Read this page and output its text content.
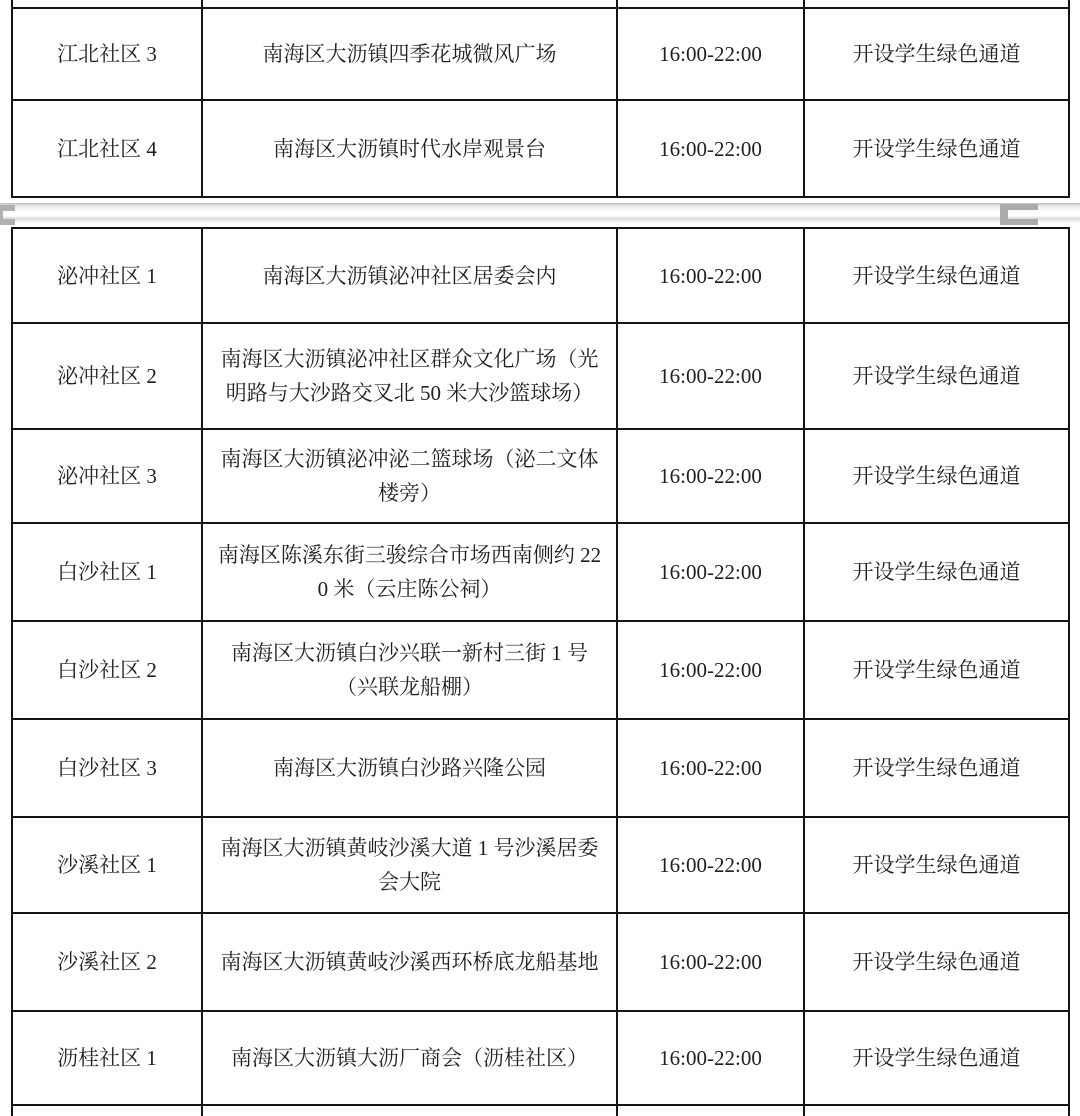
江北社区 3	南海区大沥镇四季花城微风广场	16:00-22:00	开设学生绿色通道
江北社区 4	南海区大沥镇时代水岸观景台	16:00-22:00	开设学生绿色通道
泌冲社区 1	南海区大沥镇泌冲社区居委会内	16:00-22:00	开设学生绿色通道
泌冲社区 2	南海区大沥镇泌冲社区群众文化广场（光明路与大沙路交叉北 50 米大沙篮球场）	16:00-22:00	开设学生绿色通道
泌冲社区 3	南海区大沥镇泌冲泌二篮球场（泌二文体楼旁）	16:00-22:00	开设学生绿色通道
白沙社区 1	南海区陈溪东街三骏综合市场西南侧约 220 米（云庄陈公祠）	16:00-22:00	开设学生绿色通道
白沙社区 2	南海区大沥镇白沙兴联一新村三街 1 号（兴联龙船棚）	16:00-22:00	开设学生绿色通道
白沙社区 3	南海区大沥镇白沙路兴隆公园	16:00-22:00	开设学生绿色通道
沙溪社区 1	南海区大沥镇黄岐沙溪大道 1 号沙溪居委会大院	16:00-22:00	开设学生绿色通道
沙溪社区 2	南海区大沥镇黄岐沙溪西环桥底龙船基地	16:00-22:00	开设学生绿色通道
沥桂社区 1	南海区大沥镇大沥厂商会（沥桂社区）	16:00-22:00	开设学生绿色通道
